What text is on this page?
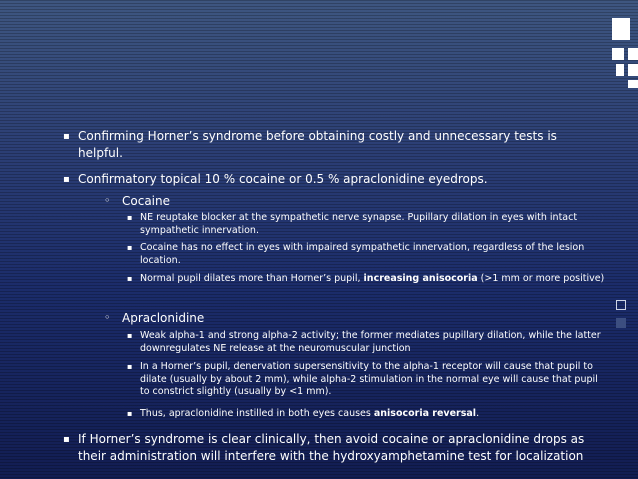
▪ Confirming Horner’s syndrome before obtaining costly and unnecessary tests is helpful.
▪ Confirmatory topical 10 % cocaine or 0.5 % apraclonidine eyedrops.
◦ Cocaine
▪ NE reuptake blocker at the sympathetic nerve synapse. Pupillary dilation in eyes with intact sympathetic innervation.
▪ Cocaine has no effect in eyes with impaired sympathetic innervation, regardless of the lesion location.
▪ Normal pupil dilates more than Horner’s pupil, increasing anisocoria (>1 mm or more positive)
◦ Apraclonidine
▪ Weak alpha-1 and strong alpha-2 activity; the former mediates pupillary dilation, while the latter downregulates NE release at the neuromuscular junction
▪ In a Horner’s pupil, denervation supersensitivity to the alpha-1 receptor will cause that pupil to dilate (usually by about 2 mm), while alpha-2 stimulation in the normal eye will cause that pupil to constrict slightly (usually by <1 mm).
▪ Thus, apraclonidine instilled in both eyes causes anisocoria reversal.
▪ If Horner’s syndrome is clear clinically, then avoid cocaine or apraclonidine drops as their administration will interfere with the hydroxyamphetamine test for localization
